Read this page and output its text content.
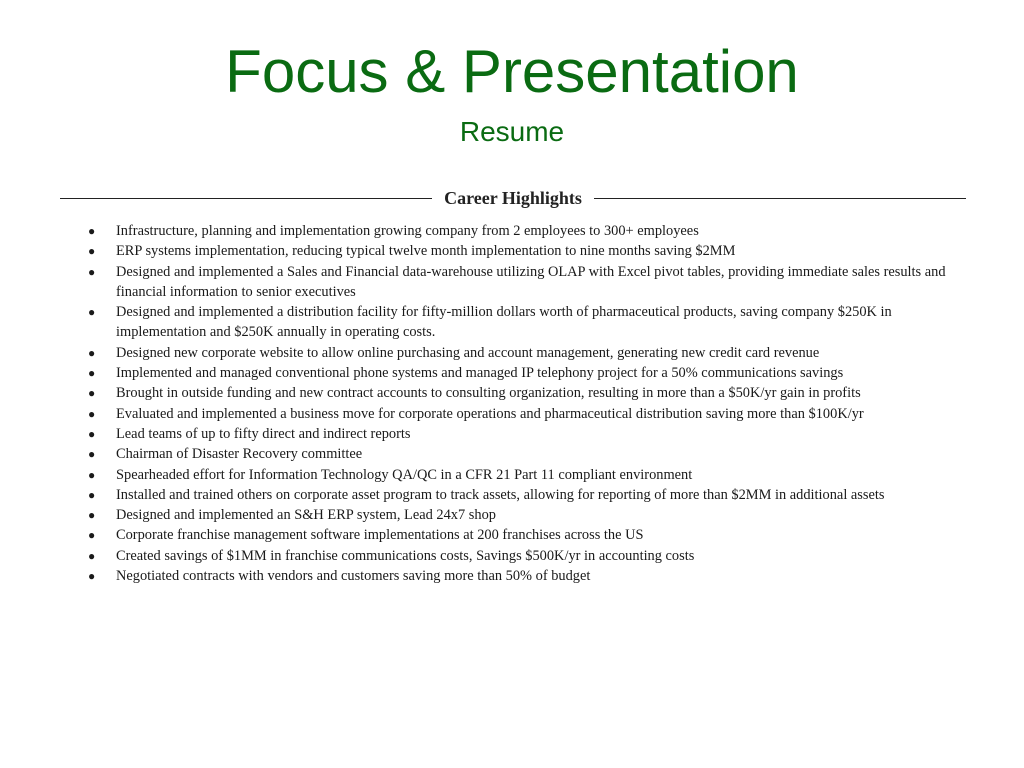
Focus & Presentation
Resume
Career Highlights
● Infrastructure, planning and implementation growing company from 2 employees to 300+ employees
● ERP systems implementation, reducing typical twelve month implementation to nine months saving $2MM
● Designed and implemented a Sales and Financial data-warehouse utilizing OLAP with Excel pivot tables, providing immediate sales results and financial information to senior executives
● Designed and implemented a distribution facility for fifty-million dollars worth of pharmaceutical products, saving company $250K in implementation and $250K annually in operating costs.
● Designed new corporate website to allow online purchasing and account management, generating new credit card revenue
● Implemented and managed conventional phone systems and managed IP telephony project for a 50% communications savings
● Brought in outside funding and new contract accounts to consulting organization, resulting in more than a $50K/yr gain in profits
● Evaluated and implemented a business move for corporate operations and pharmaceutical distribution saving more than $100K/yr
● Lead teams of up to fifty direct and indirect reports
● Chairman of Disaster Recovery committee
● Spearheaded effort for Information Technology QA/QC in a CFR 21 Part 11 compliant environment
● Installed and trained others on corporate asset program to track assets, allowing for reporting of more than $2MM in additional assets
● Designed and implemented an S&H ERP system, Lead 24x7 shop
● Corporate franchise management software implementations at 200 franchises across the US
● Created savings of $1MM in franchise communications costs, Savings $500K/yr in accounting costs
● Negotiated contracts with vendors and customers saving more than 50% of budget
